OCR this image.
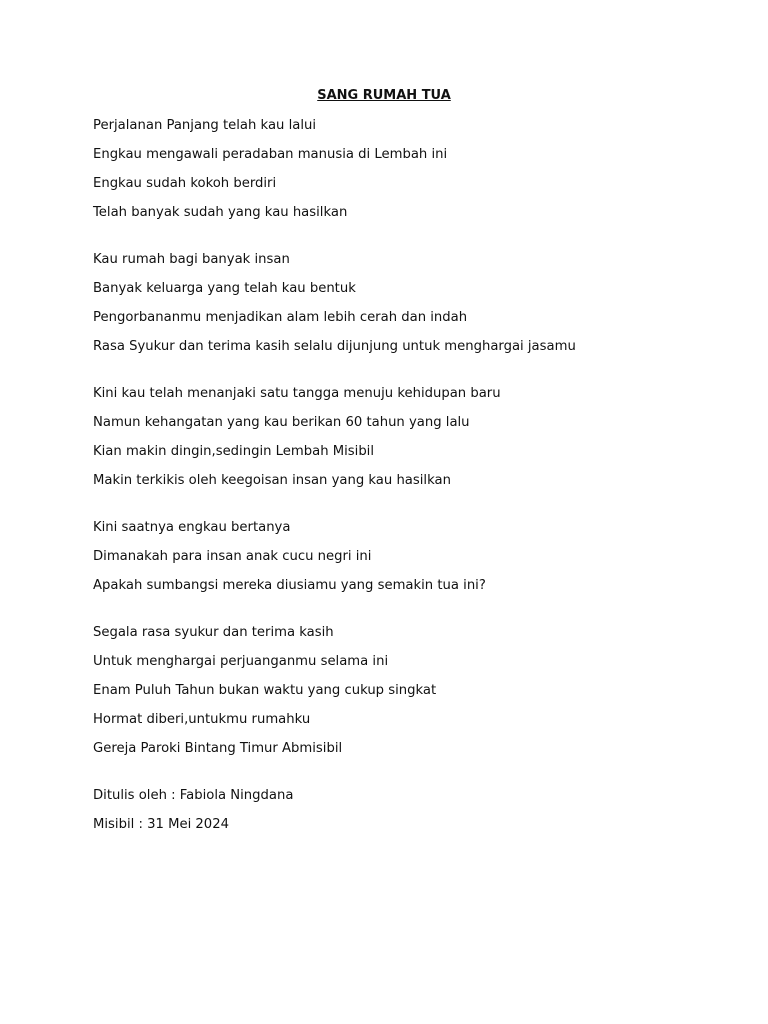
SANG RUMAH TUA
Perjalanan Panjang telah kau lalui
Engkau mengawali peradaban manusia di Lembah ini
Engkau sudah kokoh berdiri
Telah banyak sudah yang kau hasilkan
Kau rumah bagi banyak insan
Banyak keluarga yang telah kau bentuk
Pengorbananmu menjadikan alam lebih cerah dan indah
Rasa Syukur dan terima kasih selalu dijunjung untuk menghargai jasamu
Kini kau telah menanjaki satu tangga menuju kehidupan baru
Namun kehangatan yang kau berikan 60 tahun yang lalu
Kian makin dingin,sedingin Lembah Misibil
Makin terkikis oleh keegoisan insan yang kau hasilkan
Kini saatnya engkau bertanya
Dimanakah para insan anak cucu negri ini
Apakah sumbangsi mereka diusiamu yang semakin tua ini?
Segala rasa syukur dan terima kasih
Untuk menghargai perjuanganmu selama ini
Enam Puluh Tahun bukan waktu yang cukup singkat
Hormat diberi,untukmu rumahku
Gereja Paroki Bintang Timur Abmisibil
Ditulis oleh : Fabiola Ningdana
Misibil : 31 Mei 2024
